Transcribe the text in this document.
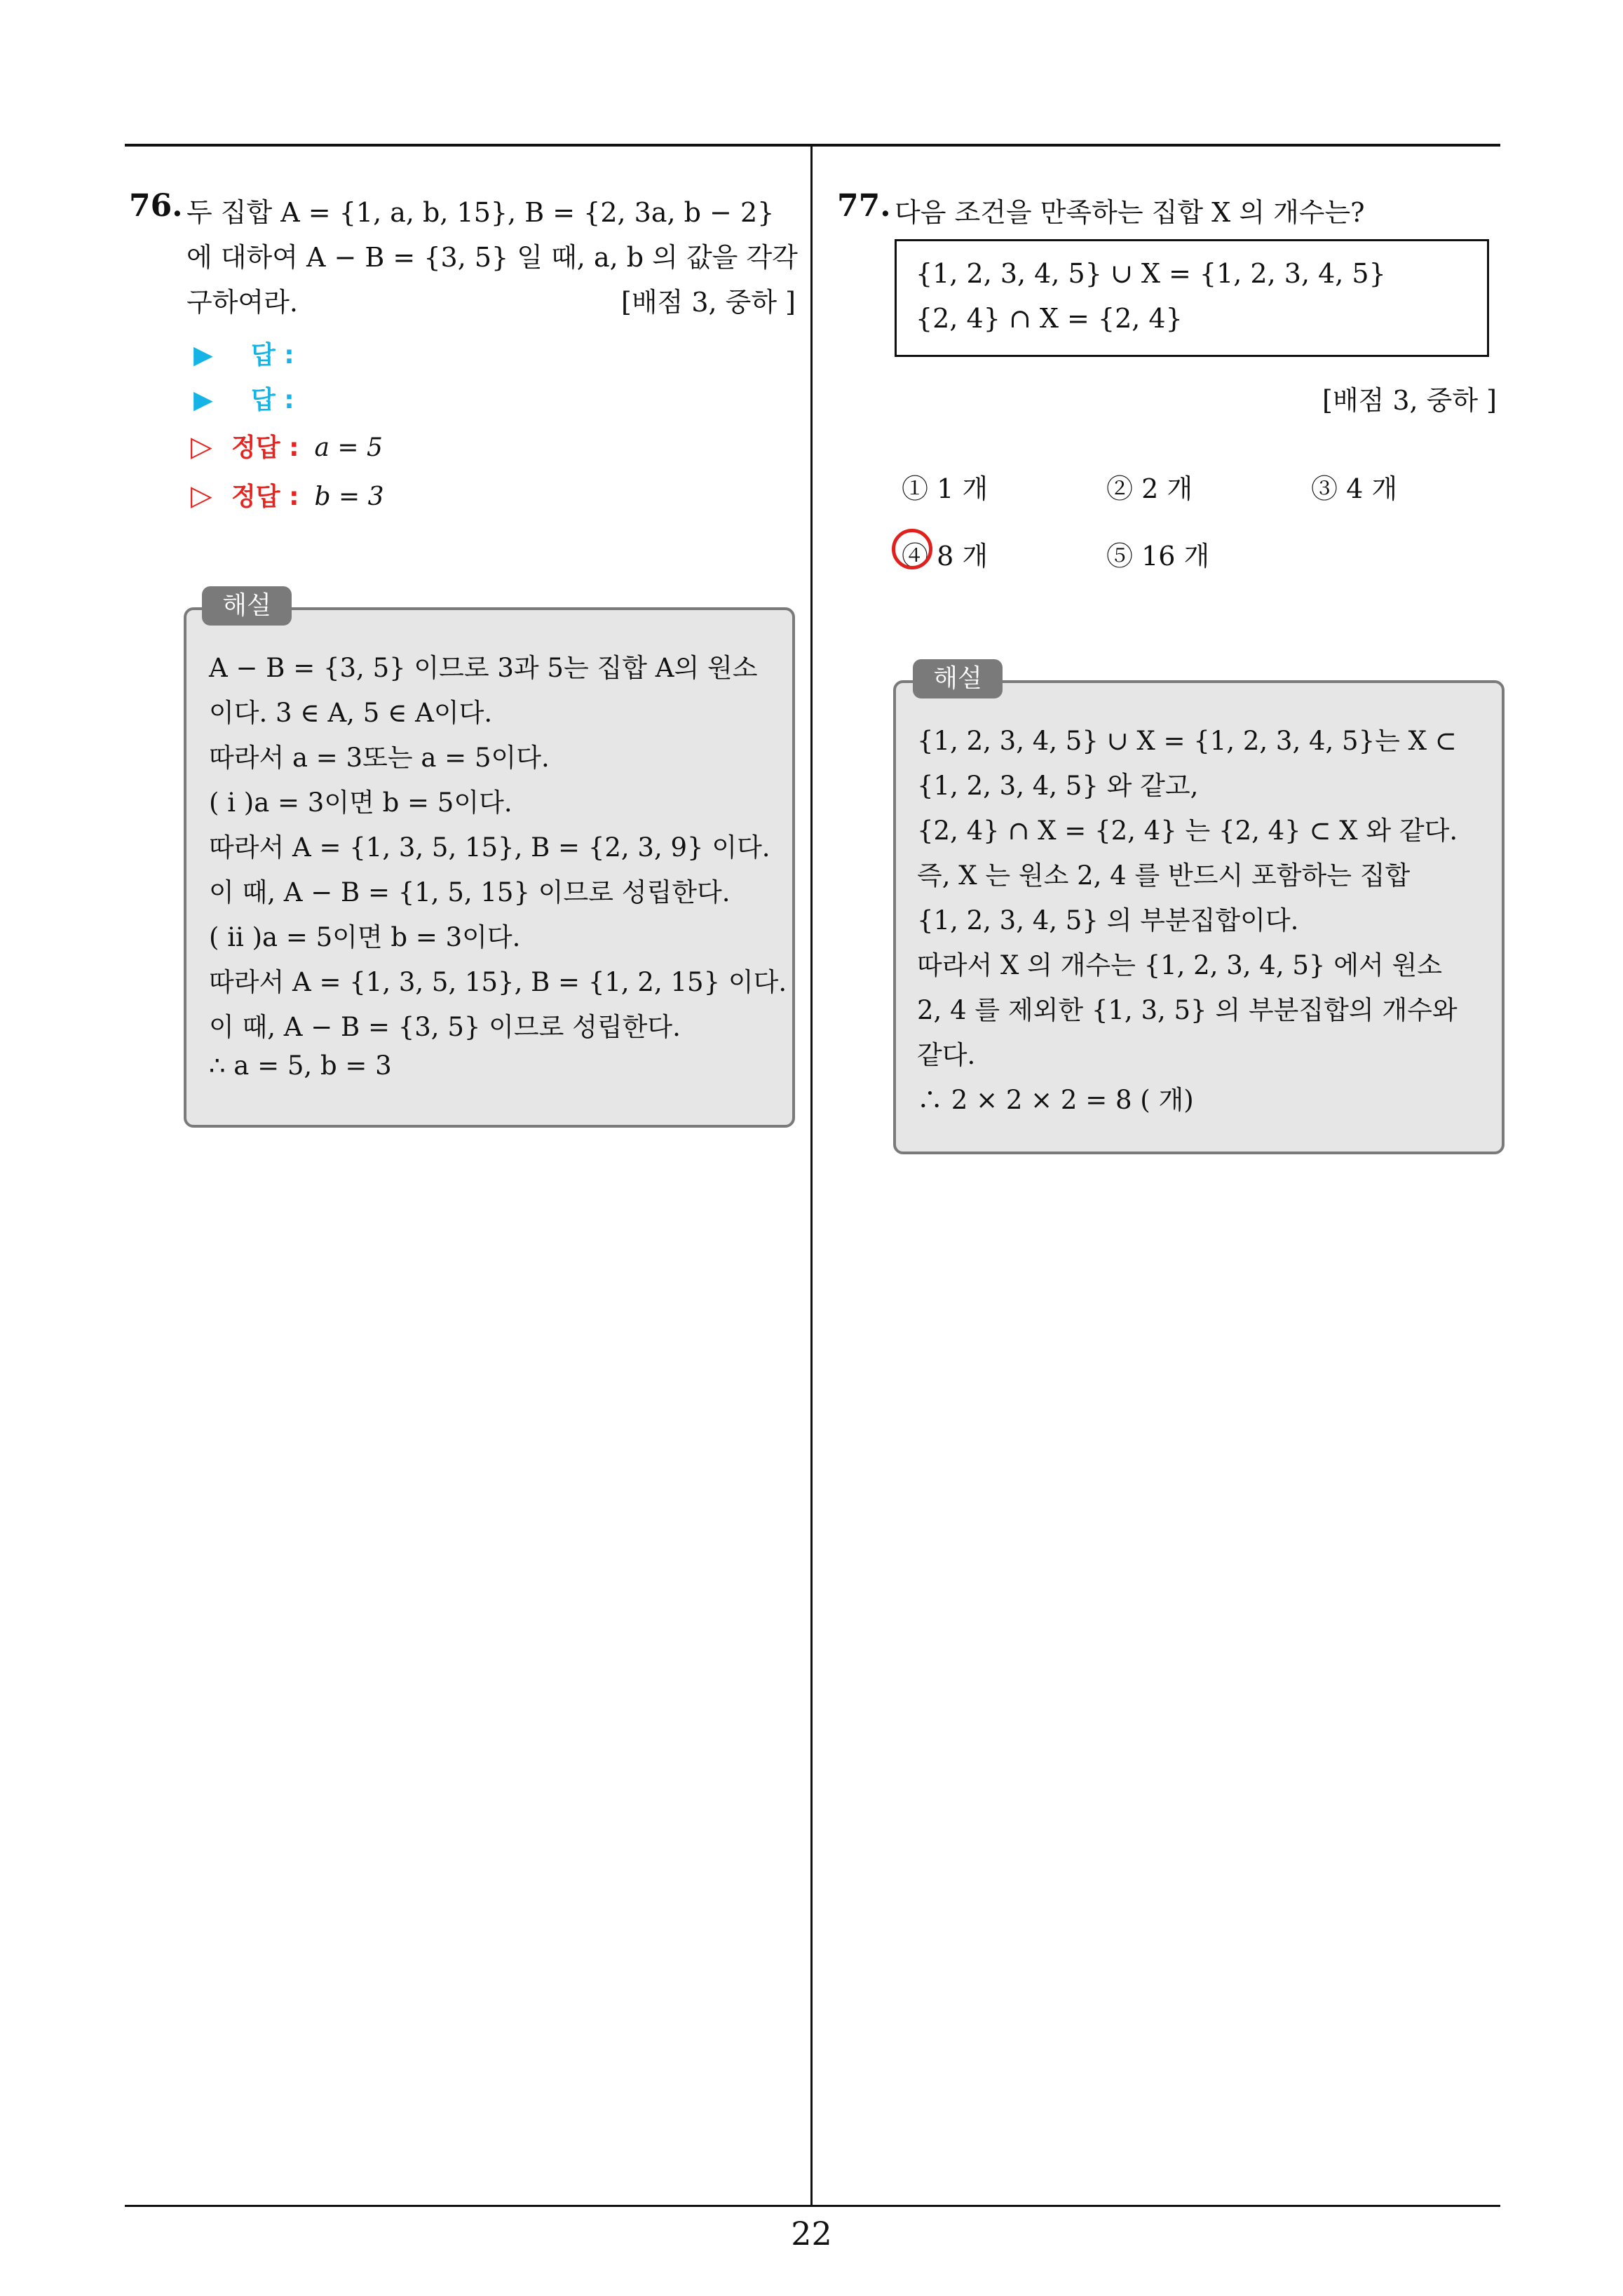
76. 두 집합 A = {1, a, b, 15}, B = {2, 3a, b − 2}
에 대하여 A − B = {3, 5} 일 때, a, b 의 값을 각각
구하여라.	[배점 3, 중하 ]
▶ 답 :
▶ 답 :
▷ 정답 : a = 5
▷ 정답 : b = 3
해설
A − B = {3, 5} 이므로 3과 5는 집합 A의 원소
이다. 3 ∈ A, 5 ∈ A이다.
따라서 a = 3또는 a = 5이다.
( i )a = 3이면 b = 5이다.
따라서 A = {1, 3, 5, 15}, B = {2, 3, 9} 이다.
이 때, A − B = {1, 5, 15} 이므로 성립한다.
( ii )a = 5이면 b = 3이다.
따라서 A = {1, 3, 5, 15}, B = {1, 2, 15} 이다.
이 때, A − B = {3, 5} 이므로 성립한다.
∴ a = 5, b = 3
77. 다음 조건을 만족하는 집합 X 의 개수는?
{1, 2, 3, 4, 5} ∪ X = {1, 2, 3, 4, 5}
{2, 4} ∩ X = {2, 4}
[배점 3, 중하 ]
① 1 개	② 2 개	③ 4 개
④ 8 개	⑤ 16 개
해설
{1, 2, 3, 4, 5} ∪ X = {1, 2, 3, 4, 5}는 X ⊂
{1, 2, 3, 4, 5} 와 같고,
{2, 4} ∩ X = {2, 4} 는 {2, 4} ⊂ X 와 같다.
즉, X 는 원소 2, 4 를 반드시 포함하는 집합
{1, 2, 3, 4, 5} 의 부분집합이다.
따라서 X 의 개수는 {1, 2, 3, 4, 5} 에서 원소
2, 4 를 제외한 {1, 3, 5} 의 부분집합의 개수와
같다.
∴ 2 × 2 × 2 = 8 ( 개)
22
